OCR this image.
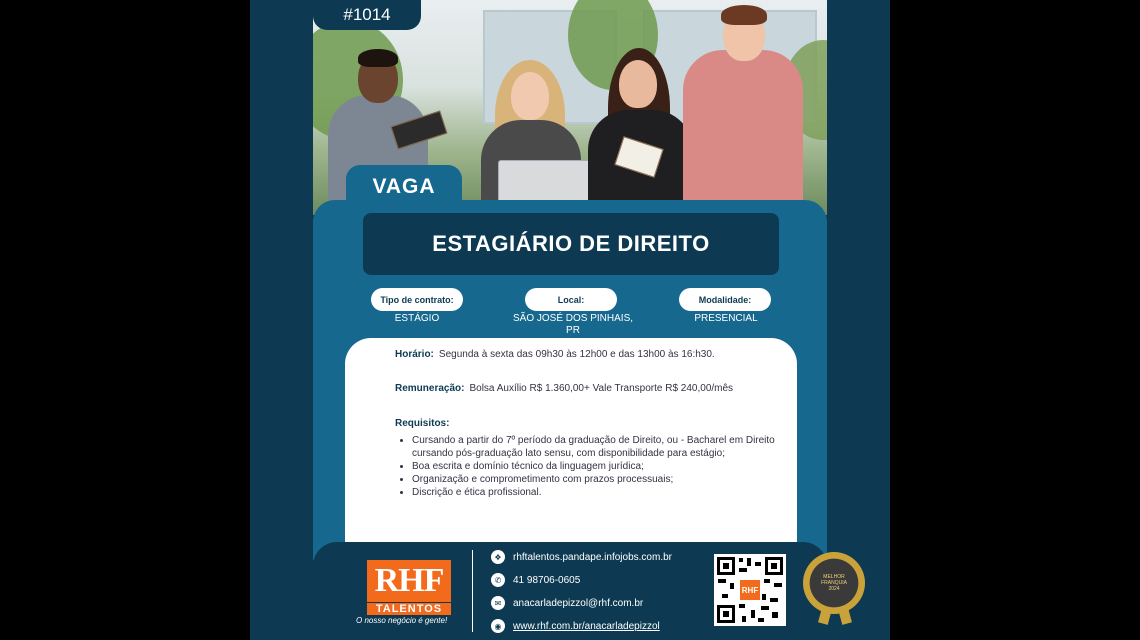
#1014
VAGA
ESTAGIÁRIO DE DIREITO
Tipo de contrato:
ESTÁGIO
Local:
SÃO JOSÉ DOS PINHAIS, PR
Modalidade:
PRESENCIAL
Horário: Segunda à sexta das 09h30 às 12h00 e das 13h00 às 16:h30.
Remuneração: Bolsa Auxílio R$ 1.360,00+ Vale Transporte R$ 240,00/mês
Requisitos:
• Cursando a partir do 7º período da graduação de Direito, ou - Bacharel em Direito cursando pós-graduação lato sensu, com disponibilidade para estágio;
• Boa escrita e domínio técnico da linguagem jurídica;
• Organização e comprometimento com prazos processuais;
• Discrição e ética profissional.
RHF
TALENTOS
O nosso negócio é gente!
❖	rhftalentos.pandape.infojobs.com.br
✆	41 98706-0605
✉	anacarladepizzol@rhf.com.br
◉	www.rhf.com.br/anacarladepizzol
RHF
MELHOR FRANQUIA 2024
